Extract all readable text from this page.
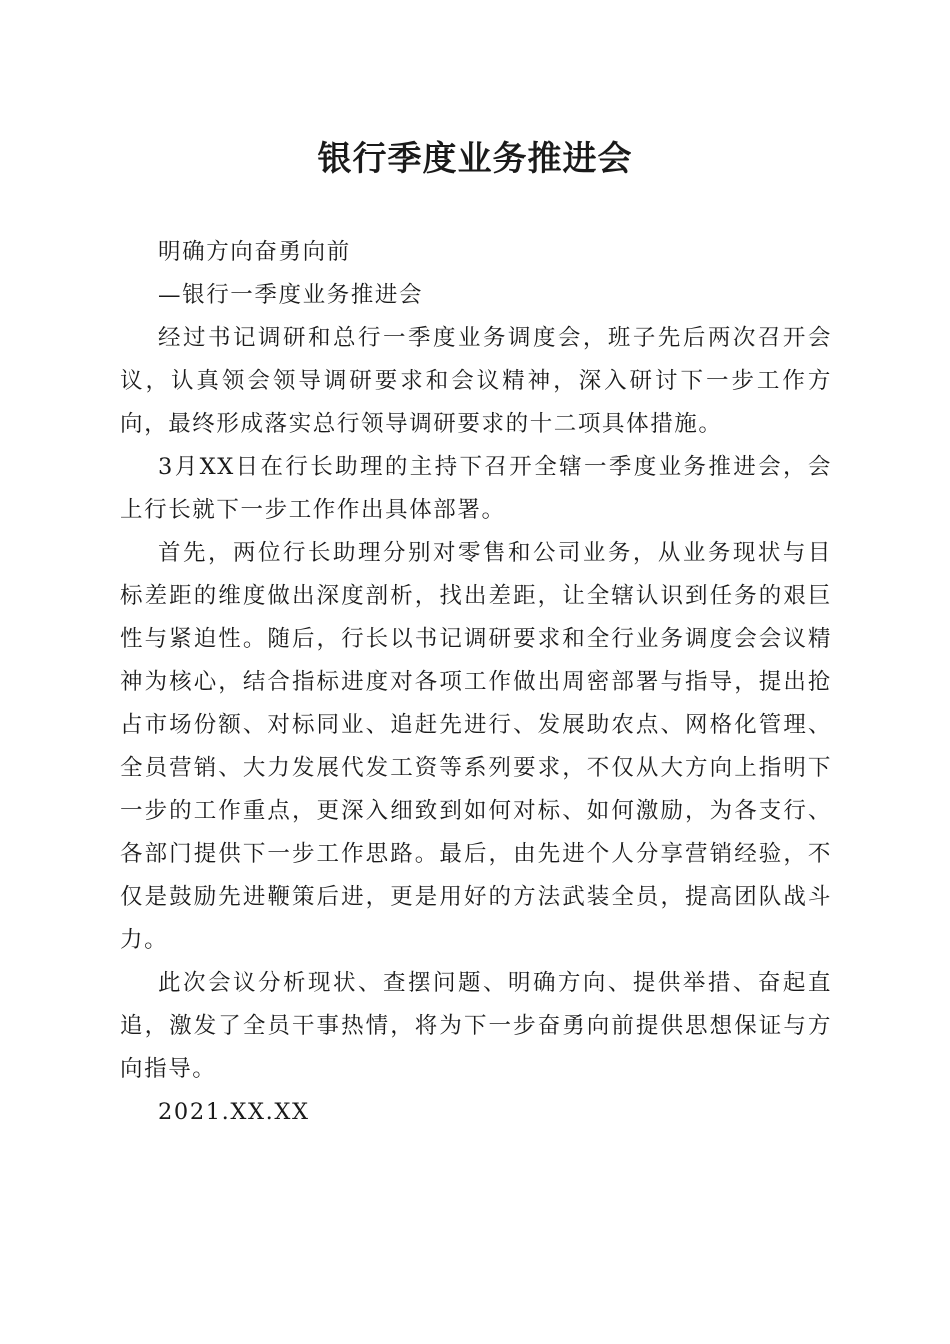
银行季度业务推进会

明确方向奋勇向前

—银行一季度业务推进会

经过书记调研和总行一季度业务调度会，班子先后两次召开会议，认真领会领导调研要求和会议精神，深入研讨下一步工作方向，最终形成落实总行领导调研要求的十二项具体措施。

3月XX日在行长助理的主持下召开全辖一季度业务推进会，会上行长就下一步工作作出具体部署。

首先，两位行长助理分别对零售和公司业务，从业务现状与目标差距的维度做出深度剖析，找出差距，让全辖认识到任务的艰巨性与紧迫性。随后，行长以书记调研要求和全行业务调度会会议精神为核心，结合指标进度对各项工作做出周密部署与指导，提出抢占市场份额、对标同业、追赶先进行、发展助农点、网格化管理、全员营销、大力发展代发工资等系列要求，不仅从大方向上指明下一步的工作重点，更深入细致到如何对标、如何激励，为各支行、各部门提供下一步工作思路。最后，由先进个人分享营销经验，不仅是鼓励先进鞭策后进，更是用好的方法武装全员，提高团队战斗力。

此次会议分析现状、查摆问题、明确方向、提供举措、奋起直追，激发了全员干事热情，将为下一步奋勇向前提供思想保证与方向指导。

2021.XX.XX
